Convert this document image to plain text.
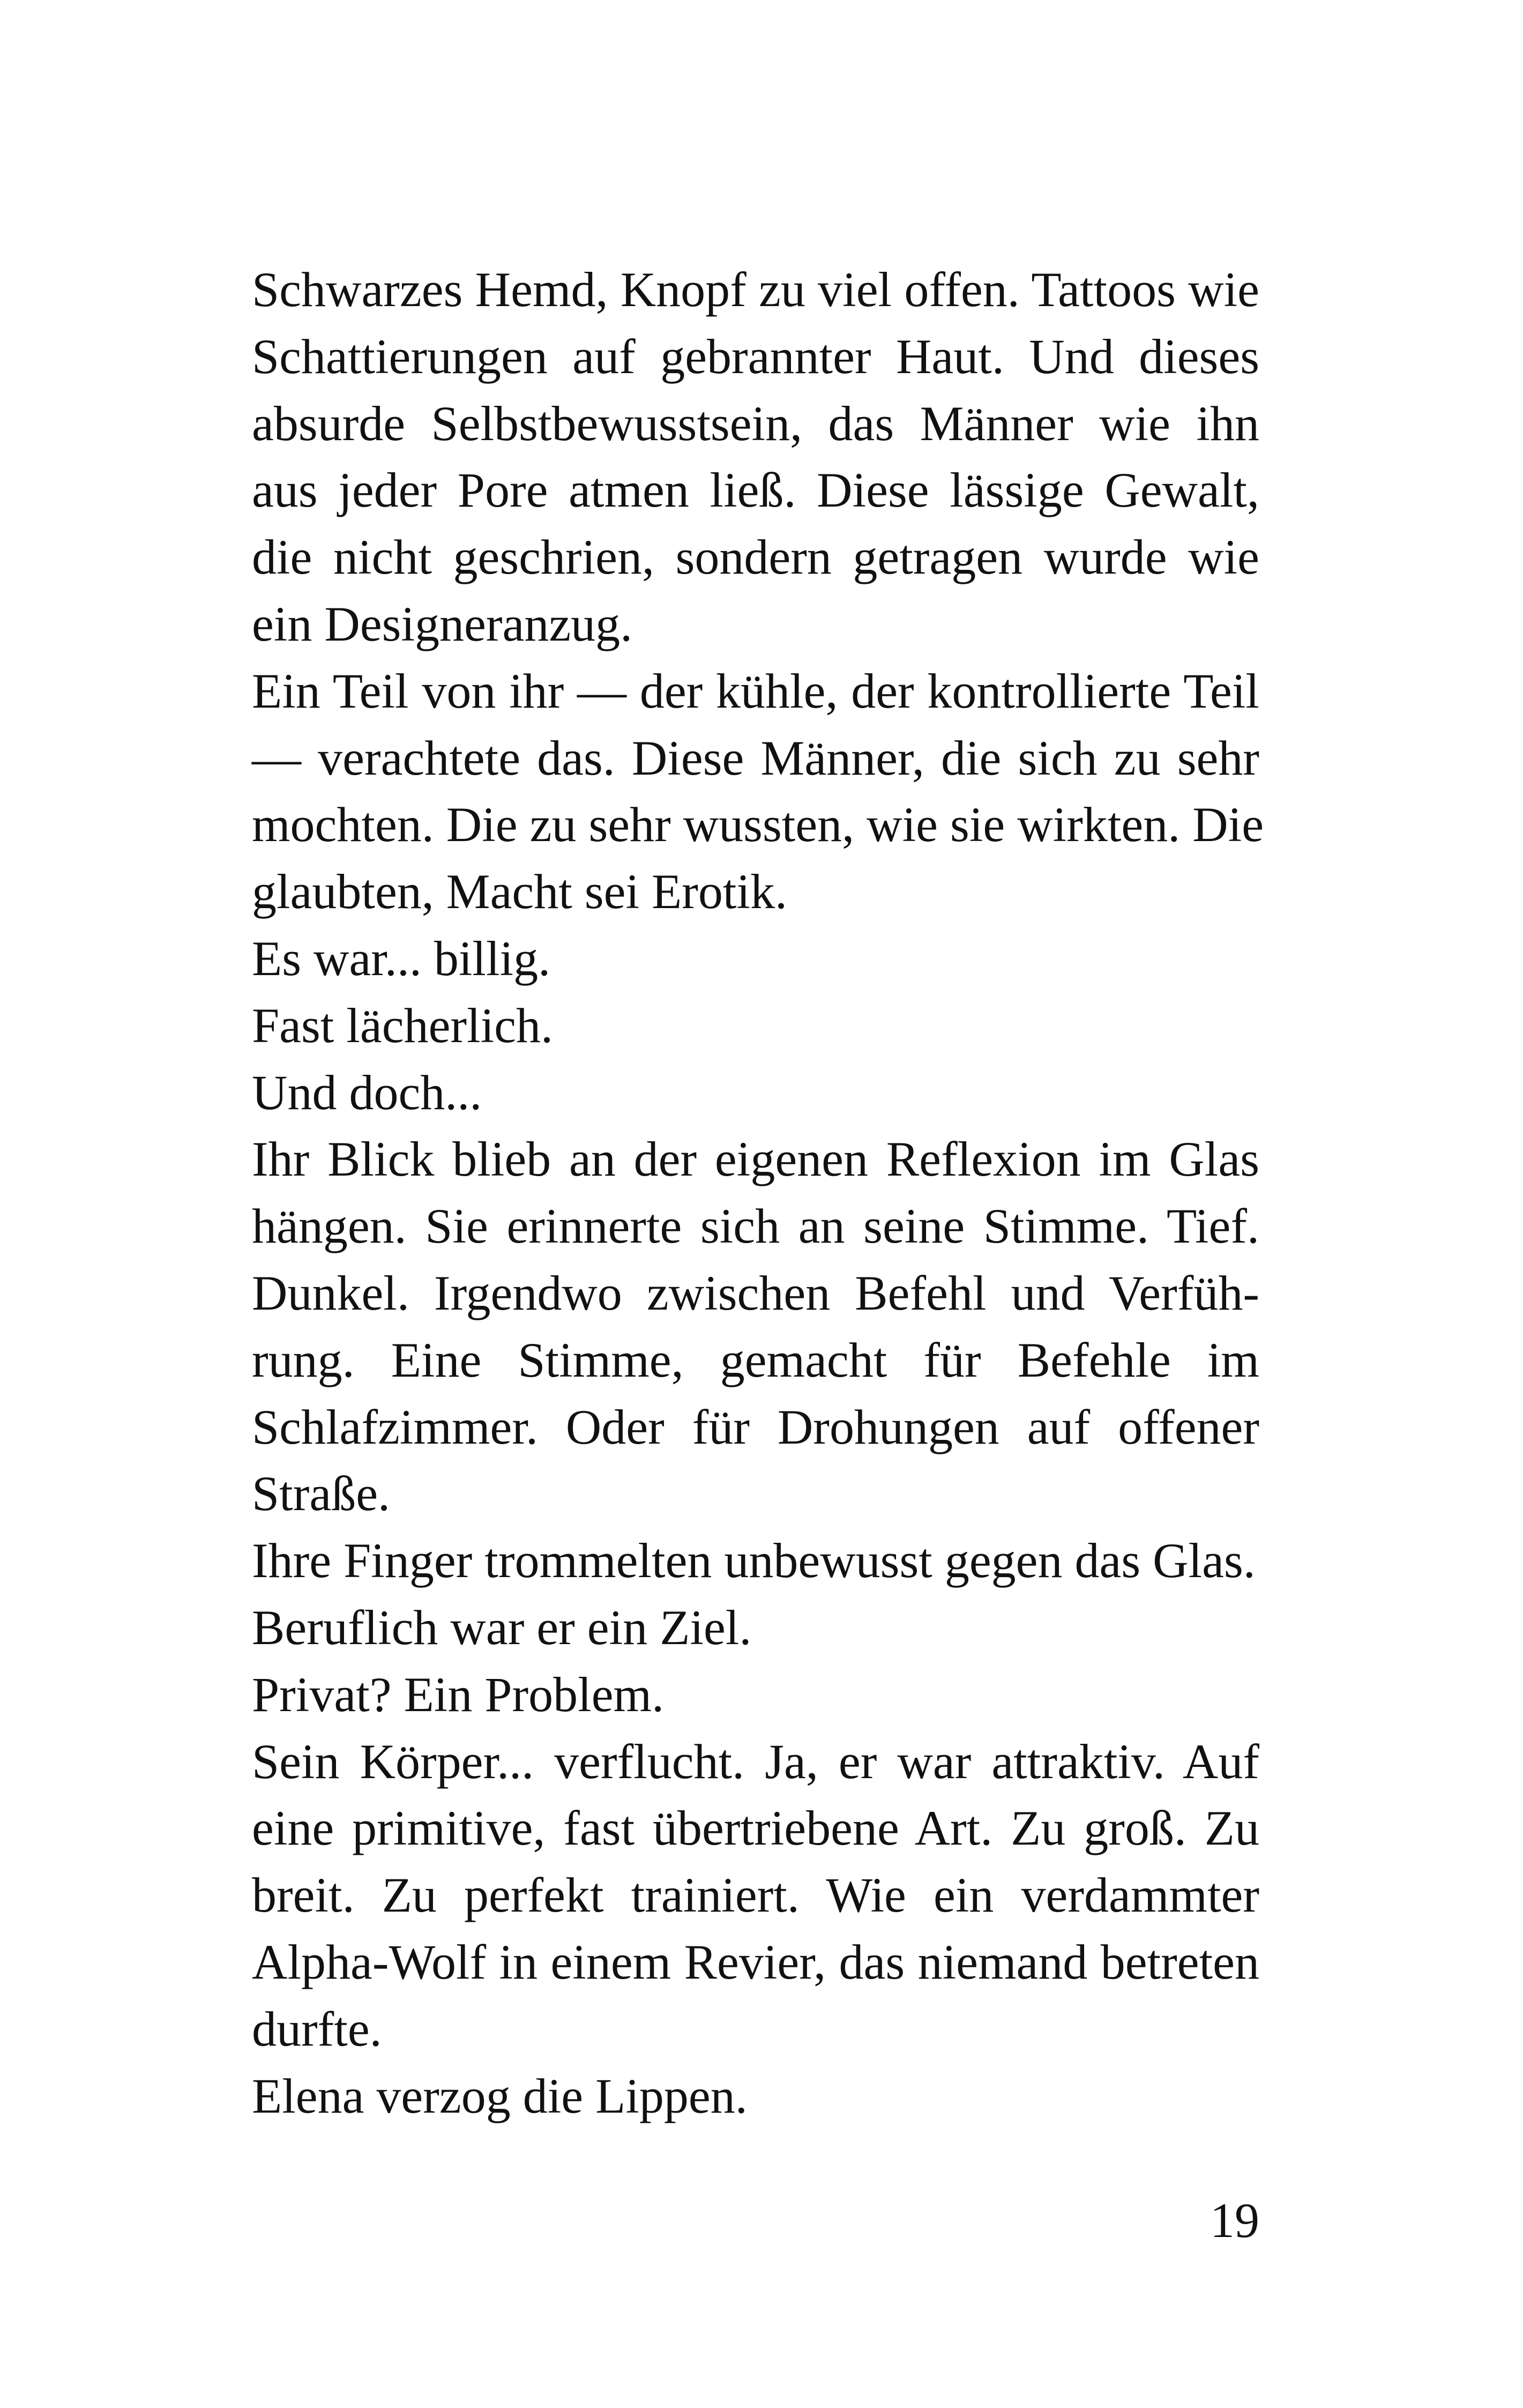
Schwarzes Hemd, Knopf zu viel offen. Tattoos wie
Schattierungen auf gebrannter Haut. Und dieses
absurde Selbstbewusstsein, das Männer wie ihn
aus jeder Pore atmen ließ. Diese lässige Gewalt,
die nicht geschrien, sondern getragen wurde wie
ein Designeranzug.
Ein Teil von ihr — der kühle, der kontrollierte Teil
— verachtete das. Diese Männer, die sich zu sehr
mochten. Die zu sehr wussten, wie sie wirkten. Die
glaubten, Macht sei Erotik.
Es war... billig.
Fast lächerlich.
Und doch...
Ihr Blick blieb an der eigenen Reflexion im Glas
hängen. Sie erinnerte sich an seine Stimme. Tief.
Dunkel. Irgendwo zwischen Befehl und Verfüh-
rung. Eine Stimme, gemacht für Befehle im
Schlafzimmer. Oder für Drohungen auf offener
Straße.
Ihre Finger trommelten unbewusst gegen das Glas.
Beruflich war er ein Ziel.
Privat? Ein Problem.
Sein Körper... verflucht. Ja, er war attraktiv. Auf
eine primitive, fast übertriebene Art. Zu groß. Zu
breit. Zu perfekt trainiert. Wie ein verdammter
Alpha-Wolf in einem Revier, das niemand betreten
durfte.
Elena verzog die Lippen.
19
